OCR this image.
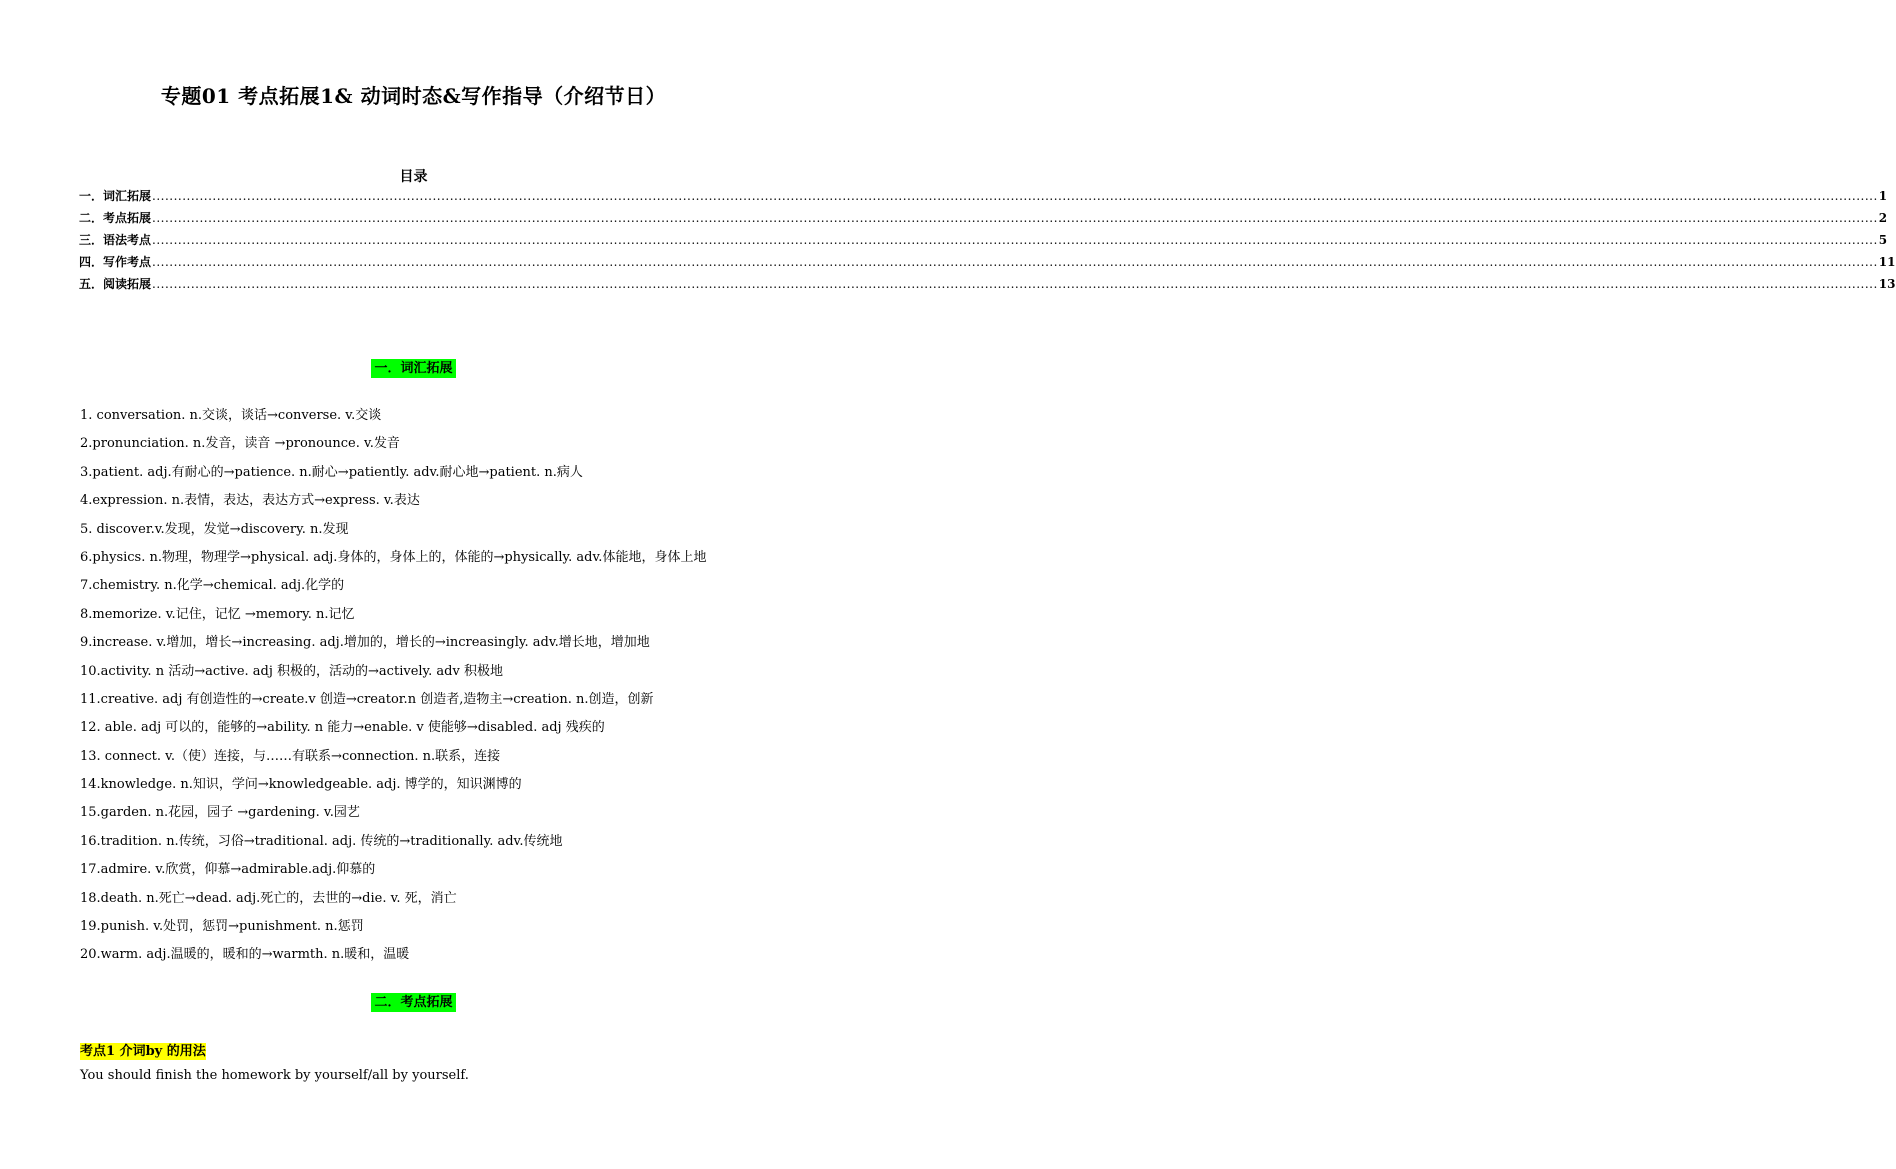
专题01 考点拓展1& 动词时态&写作指导（介绍节日）
目录
一．词汇拓展 ................................................................................................................................................................................................................................................................................................................................................................................................................ 1
二．考点拓展 ................................................................................................................................................................................................................................................................................................................................................................................................................ 2
三．语法考点 ................................................................................................................................................................................................................................................................................................................................................................................................................ 5
四．写作考点 ................................................................................................................................................................................................................................................................................................................................................................................................................ 11
五．阅读拓展 ................................................................................................................................................................................................................................................................................................................................................................................................................ 13
一．词汇拓展
1. conversation. n.交谈，谈话→converse. v.交谈
2.pronunciation. n.发音，读音 →pronounce. v.发音
3.patient. adj.有耐心的→patience. n.耐心→patiently. adv.耐心地→patient. n.病人
4.expression. n.表情，表达，表达方式→express. v.表达
5. discover.v.发现，发觉→discovery. n.发现
6.physics. n.物理，物理学→physical. adj.身体的，身体上的，体能的→physically. adv.体能地，身体上地
7.chemistry. n.化学→chemical. adj.化学的
8.memorize. v.记住，记忆 →memory. n.记忆
9.increase. v.增加，增长→increasing. adj.增加的，增长的→increasingly. adv.增长地，增加地
10.activity. n 活动→active. adj 积极的，活动的→actively. adv 积极地
11.creative. adj 有创造性的→create.v 创造→creator.n 创造者,造物主→creation. n.创造，创新
12. able. adj 可以的，能够的→ability. n 能力→enable. v 使能够→disabled. adj 残疾的
13. connect. v.（使）连接，与……有联系→connection. n.联系，连接
14.knowledge. n.知识，学问→knowledgeable. adj. 博学的，知识渊博的
15.garden. n.花园，园子 →gardening. v.园艺
16.tradition. n.传统，习俗→traditional. adj. 传统的→traditionally. adv.传统地
17.admire. v.欣赏，仰慕→admirable.adj.仰慕的
18.death. n.死亡→dead. adj.死亡的，去世的→die. v. 死，消亡
19.punish. v.处罚，惩罚→punishment. n.惩罚
20.warm. adj.温暖的，暖和的→warmth. n.暖和，温暖
二．考点拓展
考点1 介词by 的用法
You should finish the homework by yourself/all by yourself.
